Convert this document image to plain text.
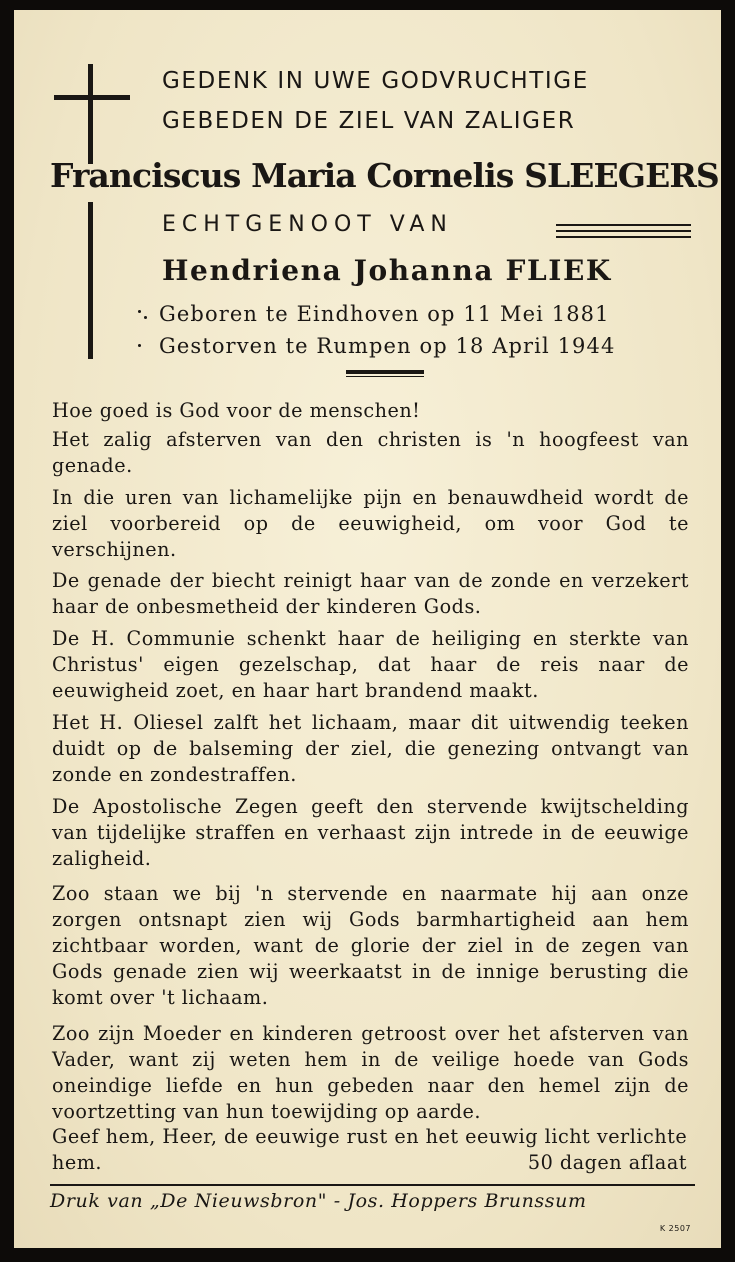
GEDENK IN UWE GODVRUCHTIGE
GEBEDEN DE ZIEL VAN ZALIGER
Franciscus Maria Cornelis SLEEGERS
ECHTGENOOT VAN
Hendriena Johanna FLIEK
Geboren te Eindhoven op 11 Mei 1881
Gestorven te Rumpen op 18 April 1944

Hoe goed is God voor de menschen!

Het zalig afsterven van den christen is 'n hoogfeest van genade.

In die uren van lichamelijke pijn en benauwdheid wordt de ziel voorbereid op de eeuwigheid, om voor God te verschijnen.

De genade der biecht reinigt haar van de zonde en verzekert haar de onbesmetheid der kinderen Gods.

De H. Communie schenkt haar de heiliging en sterkte van Christus' eigen gezelschap, dat haar de reis naar de eeuwigheid zoet, en haar hart brandend maakt.

Het H. Oliesel zalft het lichaam, maar dit uitwendig teeken duidt op de balseming der ziel, die genezing ontvangt van zonde en zondestraffen.

De Apostolische Zegen geeft den stervende kwijtschelding van tijdelijke straffen en verhaast zijn intrede in de eeuwige zaligheid.

Zoo staan we bij 'n stervende en naarmate hij aan onze zorgen ontsnapt zien wij Gods barmhartigheid aan hem zichtbaar worden, want de glorie der ziel in de zegen van Gods genade zien wij weerkaatst in de innige berusting die komt over 't lichaam.

Zoo zijn Moeder en kinderen getroost over het afsterven van Vader, want zij weten hem in de veilige hoede van Gods oneindige liefde en hun gebeden naar den hemel zijn de voortzetting van hun toewijding op aarde.

Geef hem, Heer, de eeuwige rust en het eeuwig licht verlichte hem.	50 dagen aflaat
Druk van „De Nieuwsbron" - Jos. Hoppers Brunssum
K 2507
